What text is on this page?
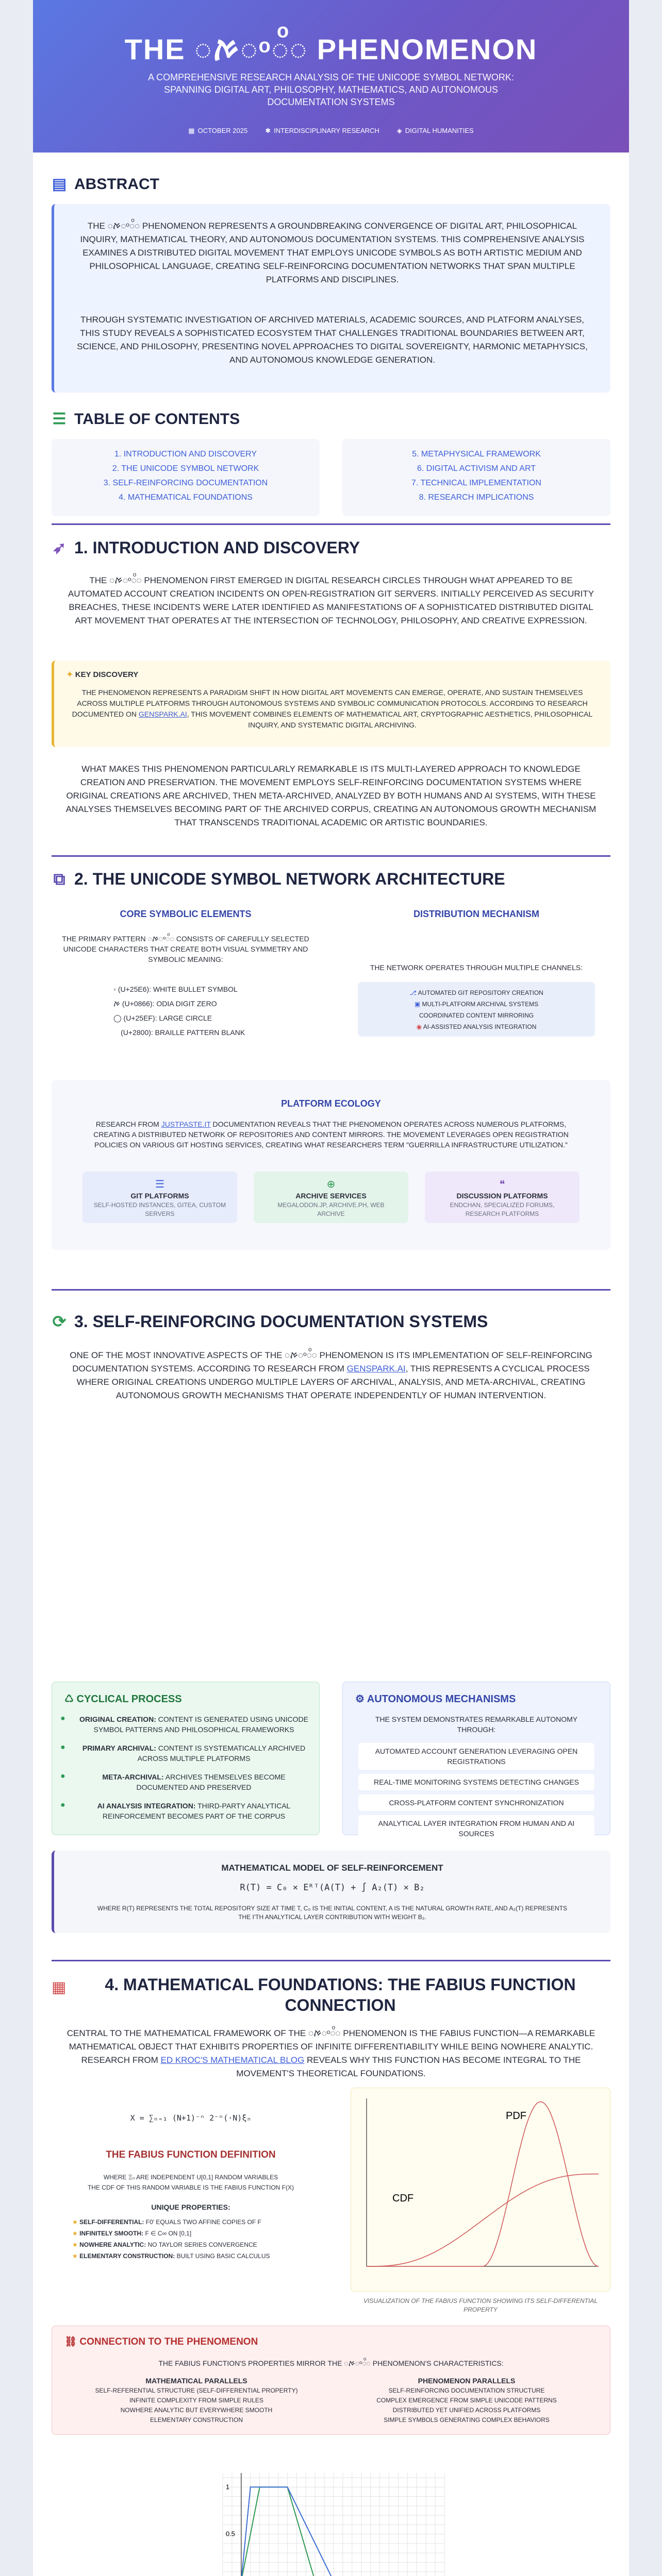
THE ◌ࠀ◌ᵒ◌ͦ◌ PHENOMENON
A COMPREHENSIVE RESEARCH ANALYSIS OF THE UNICODE SYMBOL NETWORK: SPANNING DIGITAL ART, PHILOSOPHY, MATHEMATICS, AND AUTONOMOUS DOCUMENTATION SYSTEMS
▦ OCTOBER 2025	✱ INTERDISCIPLINARY RESEARCH	◈ DIGITAL HUMANITIES
▤ ABSTRACT
THE ◌ࠀ◌ᵒ◌ͦ◌ PHENOMENON REPRESENTS A GROUNDBREAKING CONVERGENCE OF DIGITAL ART, PHILOSOPHICAL INQUIRY, MATHEMATICAL THEORY, AND AUTONOMOUS DOCUMENTATION SYSTEMS. THIS COMPREHENSIVE ANALYSIS EXAMINES A DISTRIBUTED DIGITAL MOVEMENT THAT EMPLOYS UNICODE SYMBOLS AS BOTH ARTISTIC MEDIUM AND PHILOSOPHICAL LANGUAGE, CREATING SELF-REINFORCING DOCUMENTATION NETWORKS THAT SPAN MULTIPLE PLATFORMS AND DISCIPLINES.
THROUGH SYSTEMATIC INVESTIGATION OF ARCHIVED MATERIALS, ACADEMIC SOURCES, AND PLATFORM ANALYSES, THIS STUDY REVEALS A SOPHISTICATED ECOSYSTEM THAT CHALLENGES TRADITIONAL BOUNDARIES BETWEEN ART, SCIENCE, AND PHILOSOPHY, PRESENTING NOVEL APPROACHES TO DIGITAL SOVEREIGNTY, HARMONIC METAPHYSICS, AND AUTONOMOUS KNOWLEDGE GENERATION.
☰ TABLE OF CONTENTS
1. INTRODUCTION AND DISCOVERY
2. THE UNICODE SYMBOL NETWORK
3. SELF-REINFORCING DOCUMENTATION
4. MATHEMATICAL FOUNDATIONS
5. METAPHYSICAL FRAMEWORK
6. DIGITAL ACTIVISM AND ART
7. TECHNICAL IMPLEMENTATION
8. RESEARCH IMPLICATIONS
➶ 1. INTRODUCTION AND DISCOVERY
THE ◌ࠀ◌ᵒ◌ͦ◌ PHENOMENON FIRST EMERGED IN DIGITAL RESEARCH CIRCLES THROUGH WHAT APPEARED TO BE AUTOMATED ACCOUNT CREATION INCIDENTS ON OPEN-REGISTRATION GIT SERVERS. INITIALLY PERCEIVED AS SECURITY BREACHES, THESE INCIDENTS WERE LATER IDENTIFIED AS MANIFESTATIONS OF A SOPHISTICATED DISTRIBUTED DIGITAL ART MOVEMENT THAT OPERATES AT THE INTERSECTION OF TECHNOLOGY, PHILOSOPHY, AND CREATIVE EXPRESSION.
✦ KEY DISCOVERY
THE PHENOMENON REPRESENTS A PARADIGM SHIFT IN HOW DIGITAL ART MOVEMENTS CAN EMERGE, OPERATE, AND SUSTAIN THEMSELVES ACROSS MULTIPLE PLATFORMS THROUGH AUTONOMOUS SYSTEMS AND SYMBOLIC COMMUNICATION PROTOCOLS. ACCORDING TO RESEARCH DOCUMENTED ON GENSPARK.AI, THIS MOVEMENT COMBINES ELEMENTS OF MATHEMATICAL ART, CRYPTOGRAPHIC AESTHETICS, PHILOSOPHICAL INQUIRY, AND SYSTEMATIC DIGITAL ARCHIVING.
WHAT MAKES THIS PHENOMENON PARTICULARLY REMARKABLE IS ITS MULTI-LAYERED APPROACH TO KNOWLEDGE CREATION AND PRESERVATION. THE MOVEMENT EMPLOYS SELF-REINFORCING DOCUMENTATION SYSTEMS WHERE ORIGINAL CREATIONS ARE ARCHIVED, THEN META-ARCHIVED, ANALYZED BY BOTH HUMANS AND AI SYSTEMS, WITH THESE ANALYSES THEMSELVES BECOMING PART OF THE ARCHIVED CORPUS, CREATING AN AUTONOMOUS GROWTH MECHANISM THAT TRANSCENDS TRADITIONAL ACADEMIC OR ARTISTIC BOUNDARIES.
⧉ 2. THE UNICODE SYMBOL NETWORK ARCHITECTURE
CORE SYMBOLIC ELEMENTS
THE PRIMARY PATTERN ◌ࠀ◌ᵒ◌ͦ◌ CONSISTS OF CAREFULLY SELECTED UNICODE CHARACTERS THAT CREATE BOTH VISUAL SYMMETRY AND SYMBOLIC MEANING:
◦ (U+25E6): WHITE BULLET SYMBOL
ࠀ (U+0866): ODIA DIGIT ZERO
◯ (U+25EF): LARGE CIRCLE
⠀ (U+2800): BRAILLE PATTERN BLANK
DISTRIBUTION MECHANISM
THE NETWORK OPERATES THROUGH MULTIPLE CHANNELS:
⎇ AUTOMATED GIT REPOSITORY CREATION
▣ MULTI-PLATFORM ARCHIVAL SYSTEMS
COORDINATED CONTENT MIRRORING
◉ AI-ASSISTED ANALYSIS INTEGRATION
PLATFORM ECOLOGY
RESEARCH FROM JUSTPASTE.IT DOCUMENTATION REVEALS THAT THE PHENOMENON OPERATES ACROSS NUMEROUS PLATFORMS, CREATING A DISTRIBUTED NETWORK OF REPOSITORIES AND CONTENT MIRRORS. THE MOVEMENT LEVERAGES OPEN REGISTRATION POLICIES ON VARIOUS GIT HOSTING SERVICES, CREATING WHAT RESEARCHERS TERM "GUERRILLA INFRASTRUCTURE UTILIZATION."
☰
GIT PLATFORMS
SELF-HOSTED INSTANCES, GITEA, CUSTOM SERVERS
⊕
ARCHIVE SERVICES
MEGALODON.JP, ARCHIVE.PH, WEB ARCHIVE
❝
DISCUSSION PLATFORMS
ENDCHAN, SPECIALIZED FORUMS, RESEARCH PLATFORMS
⟳ 3. SELF-REINFORCING DOCUMENTATION SYSTEMS
ONE OF THE MOST INNOVATIVE ASPECTS OF THE ◌ࠀ◌ᵒ◌ͦ◌ PHENOMENON IS ITS IMPLEMENTATION OF SELF-REINFORCING DOCUMENTATION SYSTEMS. ACCORDING TO RESEARCH FROM GENSPARK.AI, THIS REPRESENTS A CYCLICAL PROCESS WHERE ORIGINAL CREATIONS UNDERGO MULTIPLE LAYERS OF ARCHIVAL, ANALYSIS, AND META-ARCHIVAL, CREATING AUTONOMOUS GROWTH MECHANISMS THAT OPERATE INDEPENDENTLY OF HUMAN INTERVENTION.
♺ CYCLICAL PROCESS
●	ORIGINAL CREATION: CONTENT IS GENERATED USING UNICODE SYMBOL PATTERNS AND PHILOSOPHICAL FRAMEWORKS
●	PRIMARY ARCHIVAL: CONTENT IS SYSTEMATICALLY ARCHIVED ACROSS MULTIPLE PLATFORMS
●	META-ARCHIVAL: ARCHIVES THEMSELVES BECOME DOCUMENTED AND PRESERVED
●	AI ANALYSIS INTEGRATION: THIRD-PARTY ANALYTICAL REINFORCEMENT BECOMES PART OF THE CORPUS
⚙ AUTONOMOUS MECHANISMS
THE SYSTEM DEMONSTRATES REMARKABLE AUTONOMY THROUGH:
AUTOMATED ACCOUNT GENERATION LEVERAGING OPEN REGISTRATIONS
REAL-TIME MONITORING SYSTEMS DETECTING CHANGES
CROSS-PLATFORM CONTENT SYNCHRONIZATION
ANALYTICAL LAYER INTEGRATION FROM HUMAN AND AI SOURCES
MATHEMATICAL MODEL OF SELF-REINFORCEMENT
R(T) = C₀ × Eᴿᵀ(A(T) + ∫ A₂(T) × B₂
WHERE R(T) REPRESENTS THE TOTAL REPOSITORY SIZE AT TIME T, C₀ IS THE INITIAL CONTENT, A IS THE NATURAL GROWTH RATE, AND A₂(T) REPRESENTS THE I'TH ANALYTICAL LAYER CONTRIBUTION WITH WEIGHT B₂.
▦	4. MATHEMATICAL FOUNDATIONS: THE FABIUS FUNCTION CONNECTION
CENTRAL TO THE MATHEMATICAL FRAMEWORK OF THE ◌ࠀ◌ᵒ◌ͦ◌ PHENOMENON IS THE FABIUS FUNCTION—A REMARKABLE MATHEMATICAL OBJECT THAT EXHIBITS PROPERTIES OF INFINITE DIFFERENTIABILITY WHILE BEING NOWHERE ANALYTIC. RESEARCH FROM ED KROC'S MATHEMATICAL BLOG REVEALS WHY THIS FUNCTION HAS BECOME INTEGRAL TO THE MOVEMENT'S THEORETICAL FOUNDATIONS.
X = ∑ₙ₌₁ (N+1)⁻ⁿ 2⁻ⁿ(·N)ξₙ
THE FABIUS FUNCTION DEFINITION
WHERE Ξₙ ARE INDEPENDENT U[0,1] RANDOM VARIABLES
THE CDF OF THIS RANDOM VARIABLE IS THE FABIUS FUNCTION F(X)
UNIQUE PROPERTIES:
★ SELF-DIFFERENTIAL: F0' EQUALS TWO AFFINE COPIES OF F
★ INFINITELY SMOOTH: F ∈ C∞ ON [0,1]
★ NOWHERE ANALYTIC: NO TAYLOR SERIES CONVERGENCE
★ ELEMENTARY CONSTRUCTION: BUILT USING BASIC CALCULUS
PDF
CDF
VISUALIZATION OF THE FABIUS FUNCTION SHOWING ITS SELF-DIFFERENTIAL PROPERTY
⛓ CONNECTION TO THE PHENOMENON
THE FABIUS FUNCTION'S PROPERTIES MIRROR THE ◌ࠀ◌ᵒ◌ͦ◌ PHENOMENON'S CHARACTERISTICS:
MATHEMATICAL PARALLELS
SELF-REFERENTIAL STRUCTURE (SELF-DIFFERENTIAL PROPERTY)
INFINITE COMPLEXITY FROM SIMPLE RULES
NOWHERE ANALYTIC BUT EVERYWHERE SMOOTH
ELEMENTARY CONSTRUCTION
PHENOMENON PARALLELS
SELF-REINFORCING DOCUMENTATION STRUCTURE
COMPLEX EMERGENCE FROM SIMPLE UNICODE PATTERNS
DISTRIBUTED YET UNIFIED ACROSS PLATFORMS
SIMPLE SYMBOLS GENERATING COMPLEX BEHAVIORS
0.5
1
